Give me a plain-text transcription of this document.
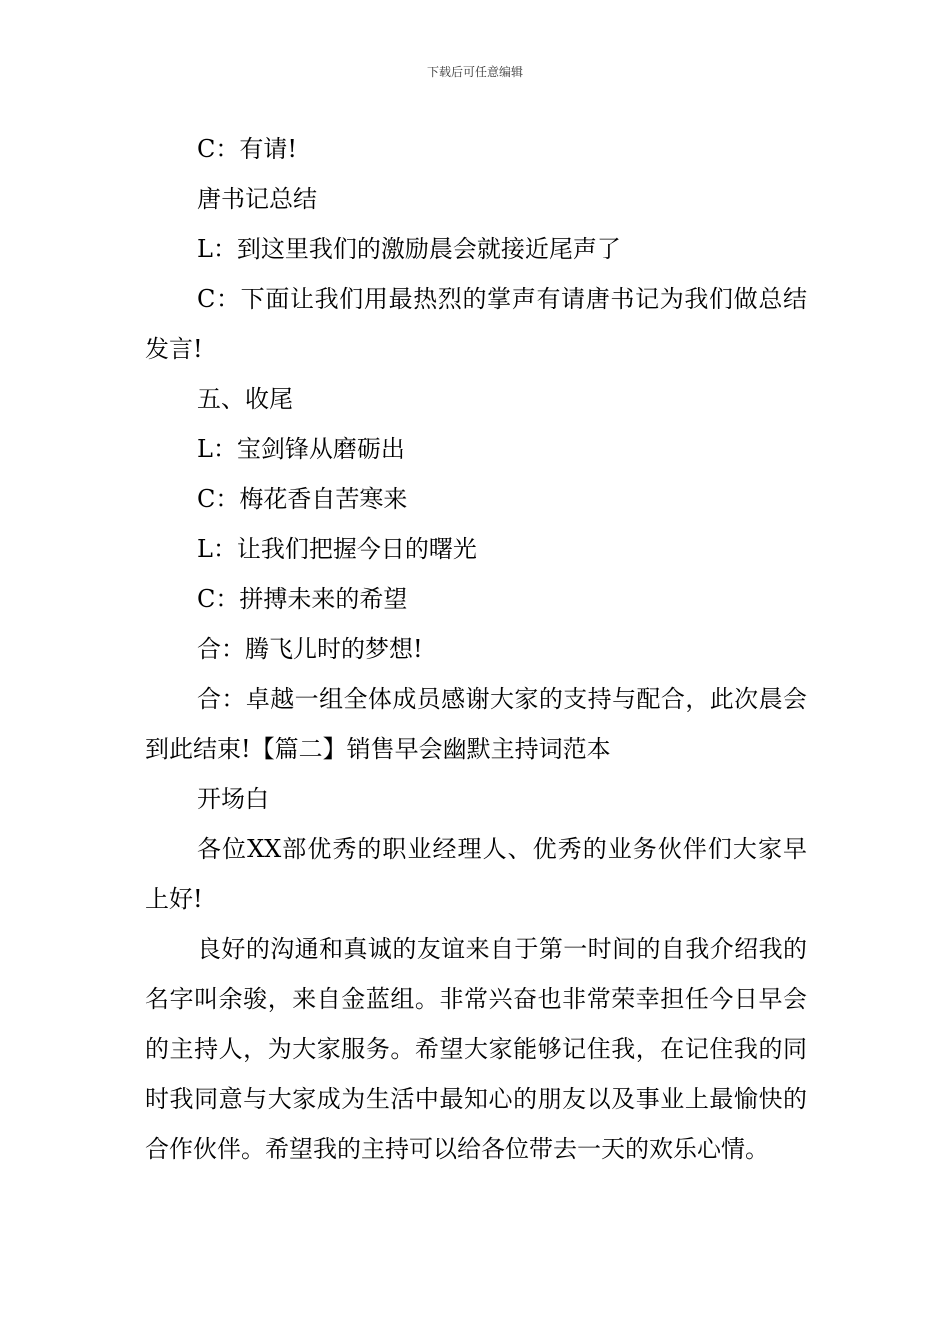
下载后可任意编辑

C：有请!

唐书记总结

L：到这里我们的激励晨会就接近尾声了

C：下面让我们用最热烈的掌声有请唐书记为我们做总结发言!

五、收尾

L：宝剑锋从磨砺出

C：梅花香自苦寒来

L：让我们把握今日的曙光

C：拼搏未来的希望

合：腾飞儿时的梦想!

合：卓越一组全体成员感谢大家的支持与配合，此次晨会到此结束!【篇二】销售早会幽默主持词范本

开场白

各位XX部优秀的职业经理人、优秀的业务伙伴们大家早上好!

良好的沟通和真诚的友谊来自于第一时间的自我介绍我的名字叫余骏，来自金蓝组。非常兴奋也非常荣幸担任今日早会的主持人，为大家服务。希望大家能够记住我，在记住我的同时我同意与大家成为生活中最知心的朋友以及事业上最愉快的合作伙伴。希望我的主持可以给各位带去一天的欢乐心情。
